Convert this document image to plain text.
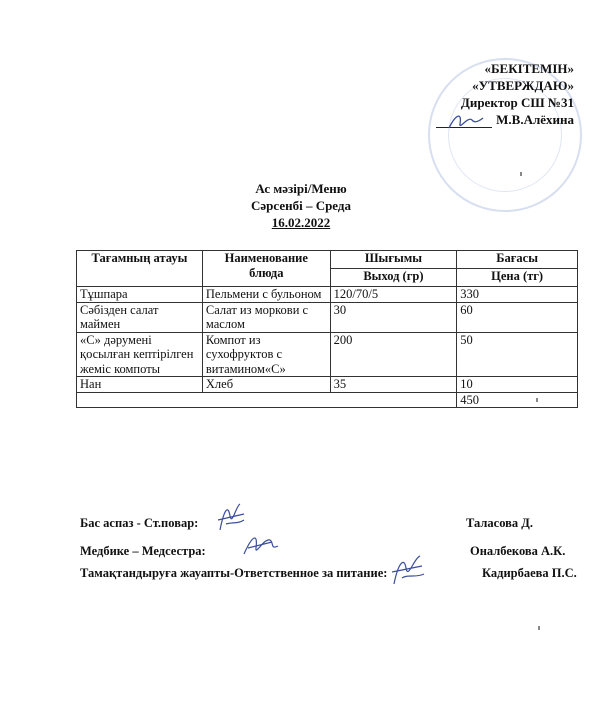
«БЕКІТЕМІН»
«УТВЕРЖДАЮ»
Директор СШ №31
М.В.Алёхина
Ас мәзірі/Меню
Сәрсенбі – Среда
16.02.2022
Тағамның атауы	Наименование блюда	Шығымы	Бағасы
		Выход (гр)	Цена (тг)
Тұшпара	Пельмени с бульоном	120/70/5	330
Сәбізден салат маймен	Салат из моркови с маслом	30	60
«С» дәрумені қосылған кептірілген жеміс компоты	Компот из сухофруктов с витамином«С»	200	50
Нан	Хлеб	35	10
			450
Бас аспаз - Ст.повар:	Таласова Д.
Медбике – Медсестра:	Оналбекова А.К.
Тамақтандыруға жауапты-Ответственное за питание:	Кадирбаева П.С.
